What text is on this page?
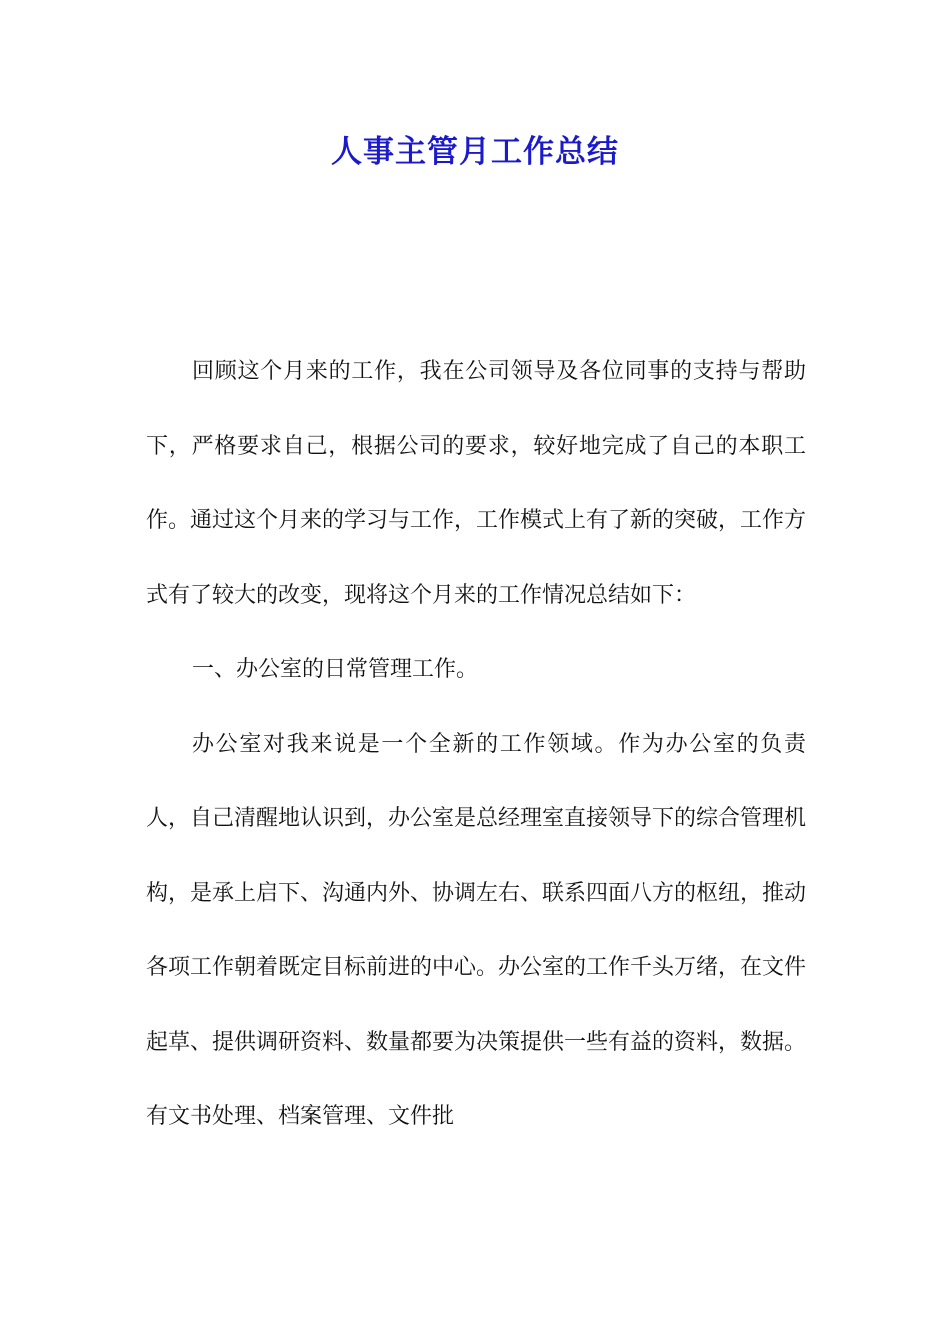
人事主管月工作总结

回顾这个月来的工作，我在公司领导及各位同事的支持与帮助下，严格要求自己，根据公司的要求，较好地完成了自己的本职工作。通过这个月来的学习与工作，工作模式上有了新的突破，工作方式有了较大的改变，现将这个月来的工作情况总结如下：

一、办公室的日常管理工作。

办公室对我来说是一个全新的工作领域。作为办公室的负责人，自己清醒地认识到，办公室是总经理室直接领导下的综合管理机构，是承上启下、沟通内外、协调左右、联系四面八方的枢纽，推动各项工作朝着既定目标前进的中心。办公室的工作千头万绪，在文件起草、提供调研资料、数量都要为决策提供一些有益的资料，数据。有文书处理、档案管理、文件批
